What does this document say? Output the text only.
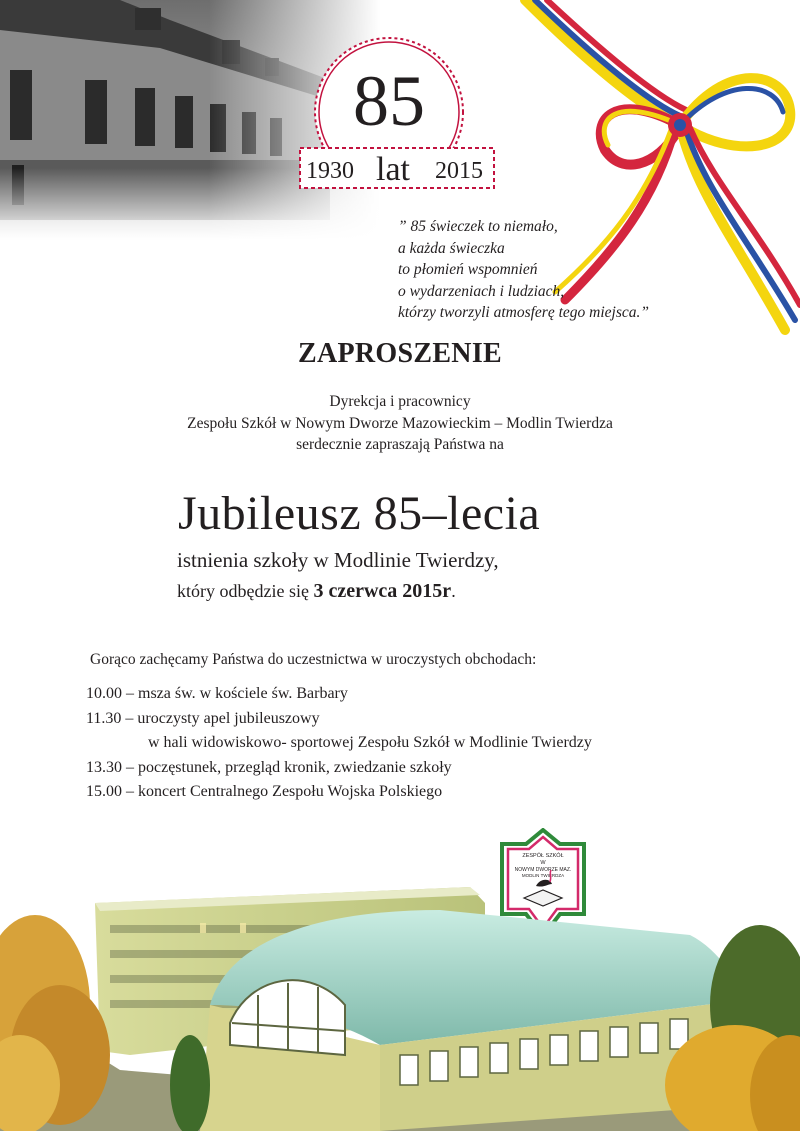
85
1930 lat 2015
” 85 świeczek to niemało,
a każda świeczka
to płomień wspomnień
o wydarzeniach i ludziach,
którzy tworzyli atmosferę tego miejsca.”
ZAPROSZENIE
Dyrekcja i pracownicy
Zespołu Szkół w Nowym Dworze Mazowieckim – Modlin Twierdza
serdecznie zapraszają Państwa na
Jubileusz 85–lecia
istnienia szkoły w Modlinie Twierdzy,
który odbędzie się 3 czerwca 2015r.
Gorąco zachęcamy Państwa do uczestnictwa w uroczystych obchodach:
10.00 – msza św. w kościele św. Barbary
11.30 – uroczysty apel jubileuszowy
w hali widowiskowo- sportowej Zespołu Szkół w Modlinie Twierdzy
13.30 – poczęstunek, przegląd kronik, zwiedzanie szkoły
15.00 – koncert Centralnego Zespołu Wojska Polskiego
ZESPÓŁ SZKÓŁ
W
NOWYM DWORZE MAZ.
MODLIN TWIERDZA
